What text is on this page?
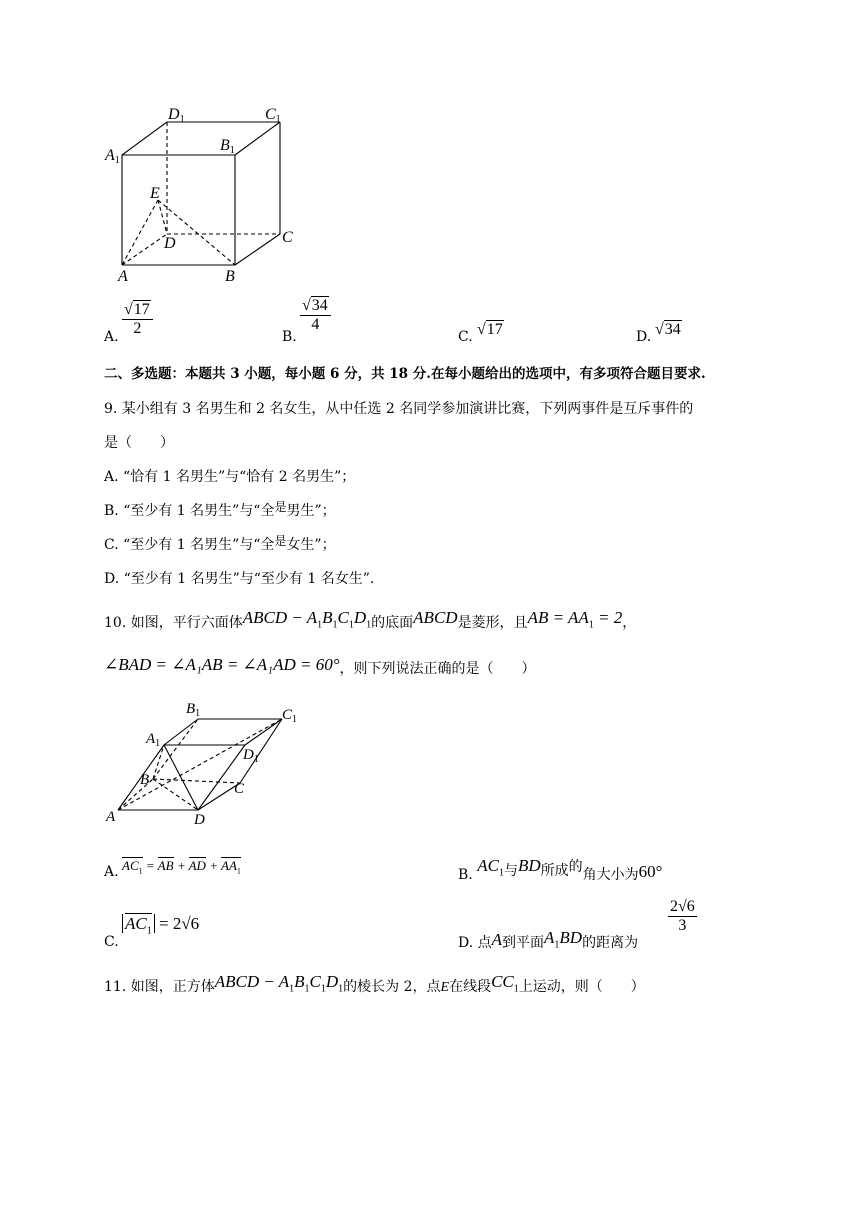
D1	C1
A1
B1
E
D	C
A	B
A. $\frac{√ 17}{2}$	B.
$\frac{√ 34}{4}$
C. √ 17	D. √ 34
二、多选题：本题共 3 小题，每小题 6 分，共 18 分.在每小题给出的选项中，有多项符合题目要求.
9. 某小组有 3 名男生和 2 名女生，从中任选 2 名同学参加演讲比赛，下列两事件是互斥事件的
是（　　）
A. “恰有 1 名男生”与“恰有 2 名男生”；
B. “至少有 1 名男生”与“全是男生”；
C. “至少有 1 名男生”与“全是女生”；
D. “至少有 1 名男生”与“至少有 1 名女生”.
10. 如图，平行六面体ABCD − $A_1B_1C_1D_1$的底面ABCD是菱形，且AB = $AA_1 = 2$，
∠BAD = ∠A₁AB = ∠A₁AD = 60°，则下列说法正确的是（　　）
$B_1$	$C_1$
$A_1$
$D_1$
B
C
A	D
A. $AC_1$ = AB + AD + $AA_1$	B. $AC_1$与BD所成的角大小为60°
C.
$AC_1 = 2√6$
D. 点A到平面$A_1BD$的距离为
$\frac{2√6}{3}$
11. 如图，正方体ABCD − $A_1B_1C_1D_1$的棱长为 2，点E在线段$CC_1$上运动，则（　　）
